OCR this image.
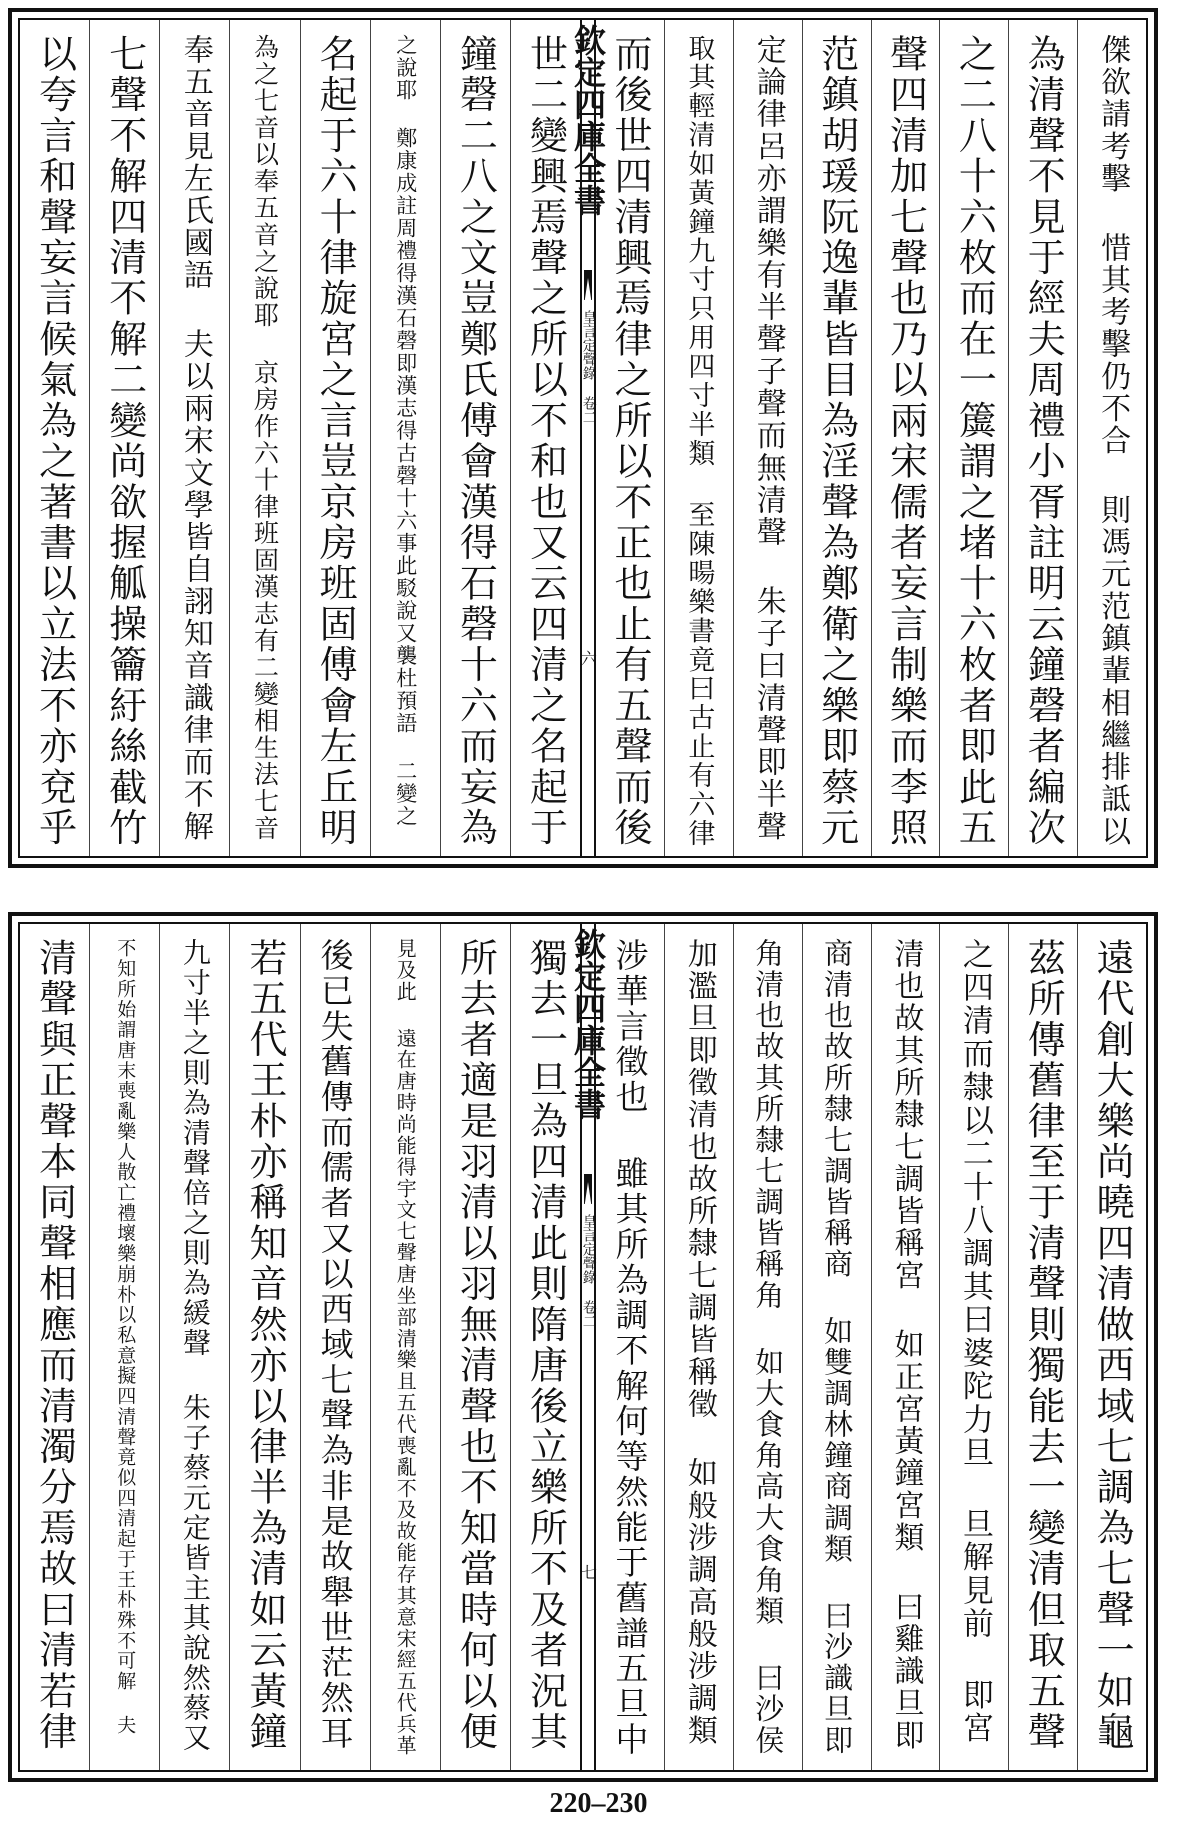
傑欲請考擊 惜其考擊仍不合 則馮元范鎮輩相繼排詆以
為清聲不見于經夫周禮小胥註明云鐘磬者編次
之二八十六枚而在一簴謂之堵十六枚者即此五
聲四清加七聲也乃以兩宋儒者妄言制樂而李照
范鎮胡瑗阮逸輩皆目為淫聲為鄭衛之樂即蔡元
定論律呂亦謂樂有半聲子聲而無清聲 朱子曰清聲即半聲
取其輕清如黃鐘九寸只用四寸半類 至陳暘樂書竟曰古止有六律
而後世四清興焉律之所以不正也止有五聲而後
欽定四庫全書
皇言定聲錄 卷二
六
世二變興焉聲之所以不和也又云四清之名起于
鐘磬二八之文豈鄭氏傅會漢得石磬十六而妄為
之說耶 鄭康成註周禮得漢石磬即漢志得古磬十六事此駁說又襲杜預語 二變之
名起于六十律旋宮之言豈京房班固傅會左丘明
為之七音以奉五音之說耶 京房作六十律班固漢志有二變相生法七音
奉五音見左氏國語 夫以兩宋文學皆自詡知音識律而不解
七聲不解四清不解二變尚欲握觚操籥紆絲截竹
以夸言和聲妄言候氣為之著書以立法不亦兗乎
遠代創大樂尚曉四清做西域七調為七聲一如龜
茲所傳舊律至于清聲則獨能去一變清但取五聲
之四清而隸以二十八調其曰婆陀力旦 旦解見前 即宮
清也故其所隸七調皆稱宮 如正宮黃鐘宮類 曰雞識旦即
商清也故所隸七調皆稱商 如雙調林鐘商調類 曰沙識旦即
角清也故其所隸七調皆稱角 如大食角高大食角類 曰沙侯
加濫旦即徵清也故所隸七調皆稱徵 如般涉調高般涉調類
涉華言徵也 雖其所為調不解何等然能于舊譜五旦中
欽定四庫全書
皇言定聲錄 卷二
七
獨去一旦為四清此則隋唐後立樂所不及者況其
所去者適是羽清以羽無清聲也不知當時何以便
見及此 遠在唐時尚能得宇文七聲唐坐部清樂且五代喪亂不及故能存其意宋經五代兵革
後已失舊傳而儒者又以西域七聲為非是故舉世茫然耳
若五代王朴亦稱知音然亦以律半為清如云黃鐘
九寸半之則為清聲倍之則為緩聲 朱子蔡元定皆主其說然蔡又
不知所始謂唐末喪亂樂人散亡禮壞樂崩朴以私意擬四清聲竟似四清起于王朴殊不可解 夫
清聲與正聲本同聲相應而清濁分焉故曰清若律
220–230
